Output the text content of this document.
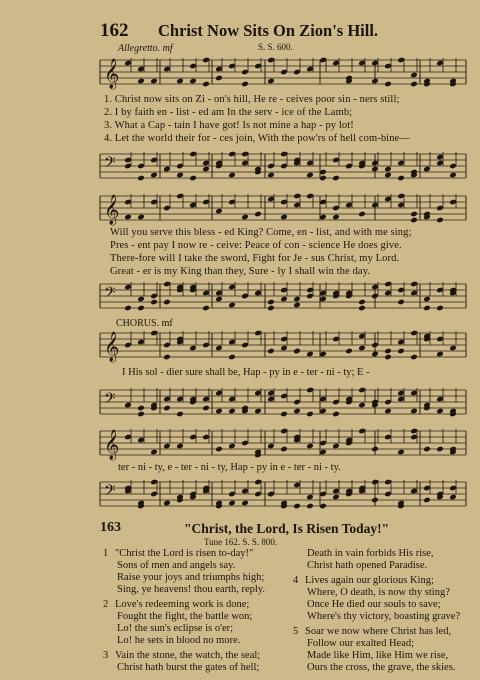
162 Christ Now Sits On Zion's Hill.
S. S. 600.
Allegretto. mf
𝄞
1. Christ now sits on Zi - on's hill, He re - ceives poor sin - ners still;
2. I by faith en - list - ed am In the serv - ice of the Lamb;
3. What a Cap - tain I have got! Is not mine a hap - py lot!
4. Let the world their for - ces join, With the pow'rs of hell com-bine—
𝄢
𝄞
Will you serve this bless - ed King? Come, en - list, and with me sing;
Pres - ent pay I now re - ceive: Peace of con - science He does give.
There-fore will I take the sword, Fight for Je - sus Christ, my Lord.
Great - er is my King than they, Sure - ly I shall win the day.
𝄢
CHORUS. mf
𝄞
I His sol - dier sure shall be, Hap - py in e - ter - ni - ty; E -
𝄢
𝄞
ter - ni - ty, e - ter - ni - ty, Hap - py in e - ter - ni - ty.
𝄢
163	"Christ, the Lord, Is Risen Today!"
Tune 162. S. S. 800.
1 "Christ the Lord is risen to-day!"
Sons of men and angels say.
Raise your joys and triumphs high;
Sing, ye heavens! thou earth, reply.
2 Love's redeeming work is done;
Fought the fight, the battle won;
Lo! the sun's eclipse is o'er;
Lo! he sets in blood no more.
3 Vain the stone, the watch, the seal;
Christ hath burst the gates of hell;
Death in vain forbids His rise,
Christ hath opened Paradise.
4 Lives again our glorious King;
Where, O death, is now thy sting?
Once He died our souls to save;
Where's thy victory, boasting grave?
5 Soar we now where Christ has led,
Follow our exalted Head;
Made like Him, like Him we rise,
Ours the cross, the grave, the skies.
